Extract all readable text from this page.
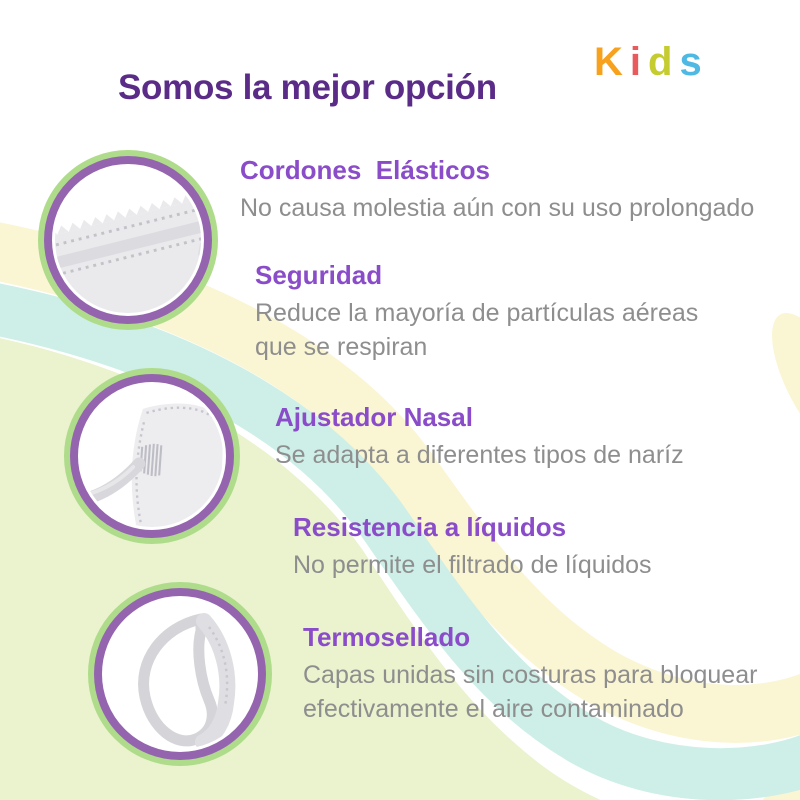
Kids
Somos la mejor opción
Cordones  Elásticos

No causa molestia aún con su uso prolongado

Seguridad

Reduce la mayoría de partículas aéreas que se respiran

Ajustador Nasal

Se adapta a diferentes tipos de naríz

Resistencia a líquidos

No permite el filtrado de líquidos

Termosellado

Capas unidas sin costuras para bloquear efectivamente el aire contaminado
